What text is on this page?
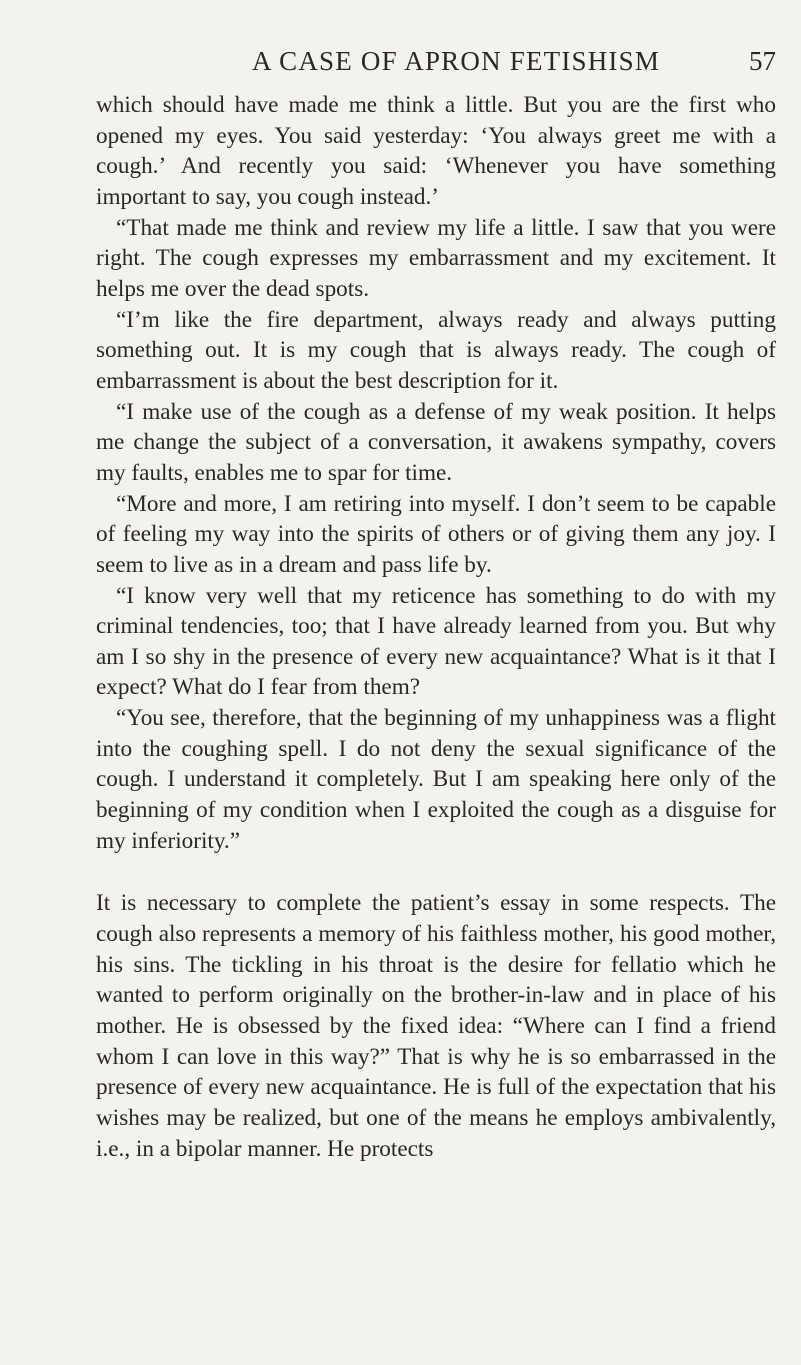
A CASE OF APRON FETISHISM	57

which should have made me think a little. But you are the first who opened my eyes. You said yesterday: ‘You always greet me with a cough.’ And recently you said: ‘Whenever you have something important to say, you cough instead.’

“That made me think and review my life a little. I saw that you were right. The cough expresses my embarrassment and my excitement. It helps me over the dead spots.

“I’m like the fire department, always ready and always putting something out. It is my cough that is always ready. The cough of embarrassment is about the best description for it.

“I make use of the cough as a defense of my weak position. It helps me change the subject of a conversation, it awakens sympathy, covers my faults, enables me to spar for time.

“More and more, I am retiring into myself. I don’t seem to be capable of feeling my way into the spirits of others or of giving them any joy. I seem to live as in a dream and pass life by.

“I know very well that my reticence has something to do with my criminal tendencies, too; that I have already learned from you. But why am I so shy in the presence of every new acquaintance? What is it that I expect? What do I fear from them?

“You see, therefore, that the beginning of my unhappiness was a flight into the coughing spell. I do not deny the sexual significance of the cough. I understand it completely. But I am speaking here only of the beginning of my condition when I exploited the cough as a disguise for my inferiority.”

It is necessary to complete the patient’s essay in some respects. The cough also represents a memory of his faithless mother, his good mother, his sins. The tickling in his throat is the desire for fellatio which he wanted to perform originally on the brother-in-law and in place of his mother. He is obsessed by the fixed idea: “Where can I find a friend whom I can love in this way?” That is why he is so embarrassed in the presence of every new acquaintance. He is full of the expectation that his wishes may be realized, but one of the means he employs ambivalently, i.e., in a bipolar manner. He protects
